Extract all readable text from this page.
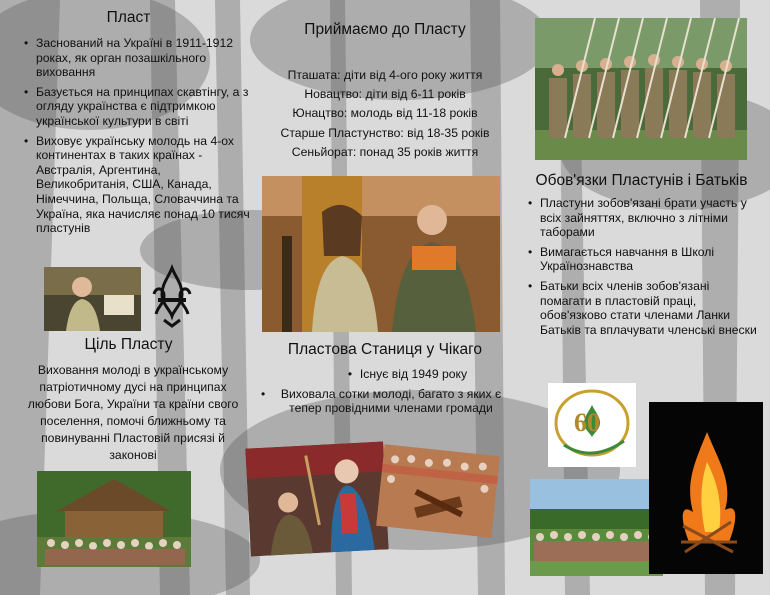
Пласт
• Заснований на Україні в 1911-1912 роках, як орган позашкільного виховання
• Базується на принципах скавтінгу, а з огляду українства є підтримкою української культури в світі
• Виховує українську молодь на 4-ох континентах в таких країнах - Австралія, Аргентина, Великобританія, США, Канада, Німеччина, Польща, Словаччина та Україна, яка начисляє понад 10 тисяч пластунів
Ціль Пласту
Виховання молоді в українському патріотичному дусі на принципах любови Бога, України та країни свого поселення, помочі ближньому та повинуванні Пластовій присязі й законові
Приймаємо до Пласту
Пташата: діти від 4-ого року життя
Новацтво: діти від 6-11 років
Юнацтво: молодь від 11-18 років
Старше Пластунство: від 18-35 років
Сеньйорат: понад 35 років життя
Пластова Станиця у Чікаго
• Існує від 1949 року
• Виховала сотки молоді, багато з яких є тепер провідними членами громади
Обов'язки Пластунів і Батьків
• Пластуни зобов'язані брати участь у всіх зайняттях, включно з літніми таборами
• Вимагається навчання в Школі Українознавства
• Батьки всіх членів зобов'язані помагати в пластовій праці, обов'язково стати членами Ланки Батьків та вплачувати членські внески
60
